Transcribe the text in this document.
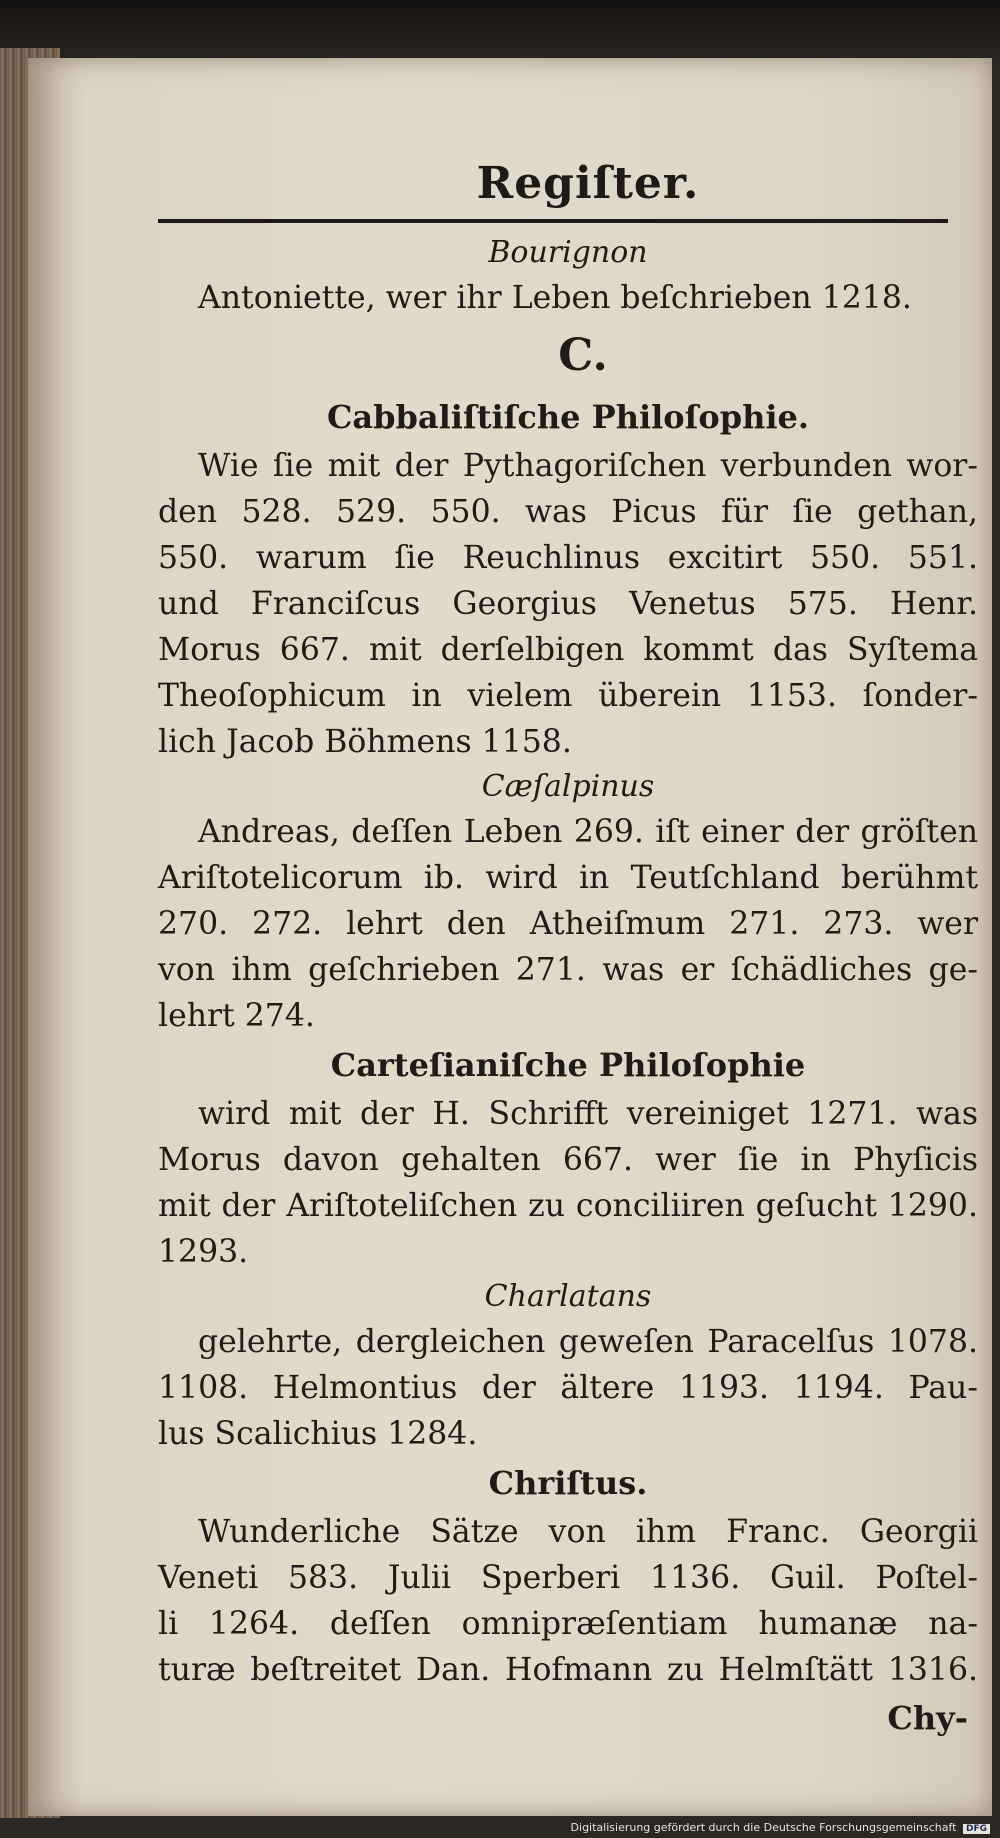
Regiſter.
Bourignon
Antoniette, wer ihr Leben beſchrieben 1218.
C.
Cabbaliſtiſche Philoſophie.
Wie ſie mit der Pythagoriſchen verbunden wor-
den 528. 529. 550. was Picus für ſie gethan,
550. warum ſie Reuchlinus excitirt 550. 551.
und Franciſcus Georgius Venetus 575. Henr.
Morus 667. mit derſelbigen kommt das Syſtema
Theoſophicum in vielem überein 1153. ſonder-
lich Jacob Böhmens 1158.
Cæſalpinus
Andreas, deſſen Leben 269. iſt einer der gröſten
Ariſtotelicorum ib. wird in Teutſchland berühmt
270. 272. lehrt den Atheiſmum 271. 273. wer
von ihm geſchrieben 271. was er ſchädliches ge-
lehrt 274.
Carteſianiſche Philoſophie
wird mit der H. Schrifft vereiniget 1271. was
Morus davon gehalten 667. wer ſie in Phyſicis
mit der Ariſtoteliſchen zu conciliiren geſucht 1290.
1293.
Charlatans
gelehrte, dergleichen geweſen Paracelſus 1078.
1108. Helmontius der ältere 1193. 1194. Pau-
lus Scalichius 1284.
Chriſtus.
Wunderliche Sätze von ihm Franc. Georgii
Veneti 583. Julii Sperberi 1136. Guil. Poſtel-
li 1264. deſſen omnipræſentiam humanæ na-
turæ beſtreitet Dan. Hofmann zu Helmſtätt 1316.
Chy-
Digitalisierung gefördert durch die Deutsche Forschungsgemeinschaft DFG
